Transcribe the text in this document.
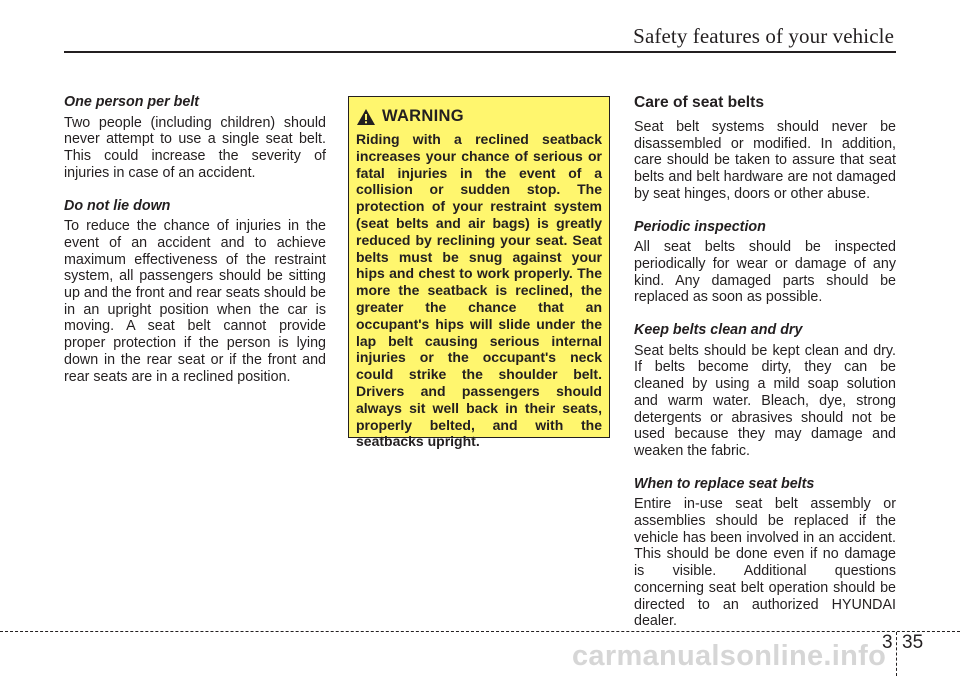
Safety features of your vehicle
One person per belt
Two people (including children) should never attempt to use a single seat belt. This could increase the severity of injuries in case of an accident.
Do not lie down
To reduce the chance of injuries in the event of an accident and to achieve maximum effectiveness of the restraint system, all passengers should be sitting up and the front and rear seats should be in an upright position when the car is moving. A seat belt cannot provide proper protection if the person is lying down in the rear seat or if the front and rear seats are in a reclined position.
WARNING
Riding with a reclined seatback increases your chance of serious or fatal injuries in the event of a collision or sudden stop. The protection of your restraint system (seat belts and air bags) is greatly reduced by reclining your seat. Seat belts must be snug against your hips and chest to work properly. The more the seatback is reclined, the greater the chance that an occupant's hips will slide under the lap belt causing serious internal injuries or the occupant's neck could strike the shoulder belt. Drivers and passengers should always sit well back in their seats, properly belted, and with the seatbacks upright.
Care of seat belts
Seat belt systems should never be disassembled or modified. In addition, care should be taken to assure that seat belts and belt hardware are not damaged by seat hinges, doors or other abuse.
Periodic inspection
All seat belts should be inspected periodically for wear or damage of any kind. Any damaged parts should be replaced as soon as possible.
Keep belts clean and dry
Seat belts should be kept clean and dry. If belts become dirty, they can be cleaned by using a mild soap solution and warm water. Bleach, dye, strong detergents or abrasives should not be used because they may damage and weaken the fabric.
When to replace seat belts
Entire in-use seat belt assembly or assemblies should be replaced if the vehicle has been involved in an accident. This should be done even if no damage is visible. Additional questions concerning seat belt operation should be directed to an authorized HYUNDAI dealer.
carmanualsonline.info
3 35
